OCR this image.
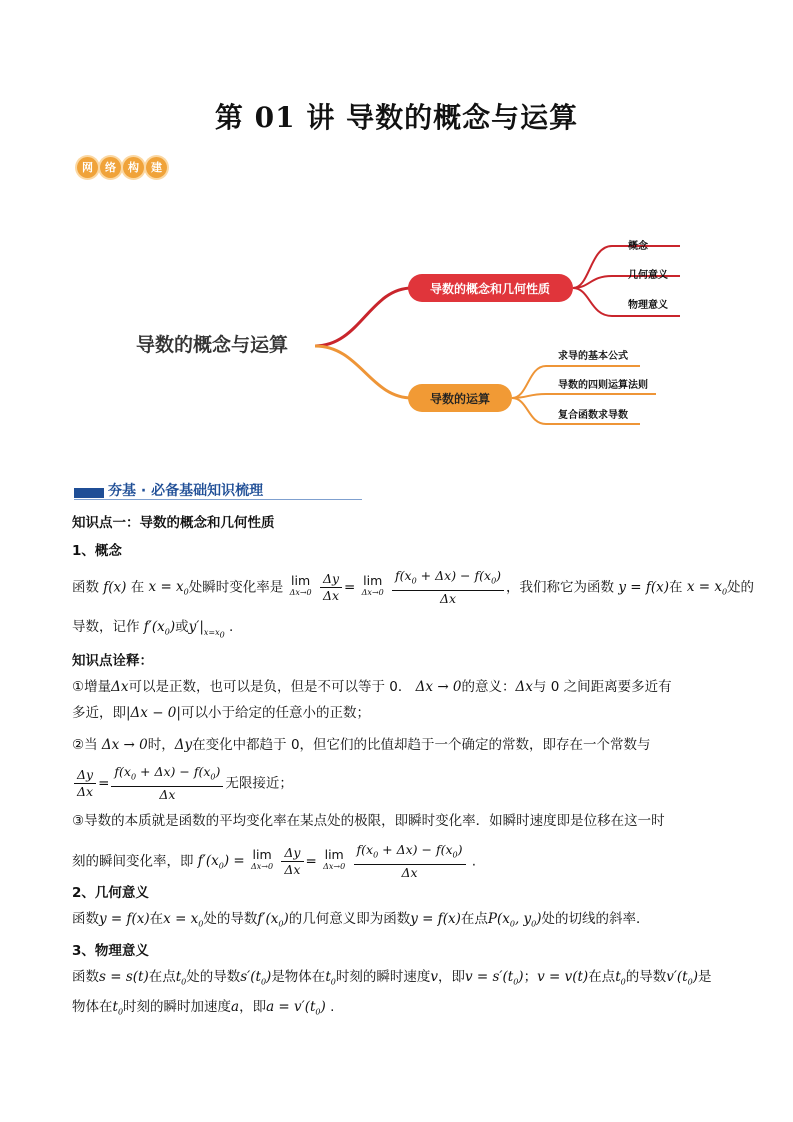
第 01 讲 导数的概念与运算
网	络	构	建
导数的概念和几何性质
概念
几何意义
物理意义
导数的运算
求导的基本公式
导数的四则运算法则
复合函数求导数
导数的概念与运算
夯基 · 必备基础知识梳理
知识点一：导数的概念和几何性质
1、概念
函数 f(x) 在 $x = x_0$处瞬时变化率是 lim
Δx→0
$\frac{\Delta y}{\Delta x} = \lim$
Δx→0
$\frac{f(x_0 + \Delta x) - f(x_0)}{\Delta x}$ ，我们称它为函数 y = f(x)在 $x = x_0$处的
导数，记作 $f'(x_0)$或$y'|_{x=x_0}$ .
知识点诠释：
①增量Δx可以是正数，也可以是负，但是不可以等于 0． Δx → 0的意义：Δx与 0 之间距离要多近有
多近，即|Δx − 0|可以小于给定的任意小的正数；
②当 Δx → 0时，Δy在变化中都趋于 0，但它们的比值却趋于一个确定的常数，即存在一个常数与
$\frac{\Delta y}{\Delta x} = \frac{f(x_0 + \Delta x) - f(x_0)}{\Delta x}$ 无限接近；
③导数的本质就是函数的平均变化率在某点处的极限，即瞬时变化率．如瞬时速度即是位移在这一时
刻的瞬间变化率，即 $f'(x_0) = \lim$
Δx→0
$\frac{\Delta y}{\Delta x} = \lim$
Δx→0
$\frac{f(x_0 + \Delta x) - f(x_0)}{\Delta x}$ .
2、几何意义
函数y = f(x)在$x = x_0$处的导数$f'(x_0)$的几何意义即为函数y = f(x)在点$P(x_0$, $y_0$)处的切线的斜率．
3、物理意义
函数s = s(t)在点$t_0$处的导数$s'(t_0)$是物体在$t_0$时刻的瞬时速度v，即$v = s'(t_0)$；v = v(t)在点$t_0$的导数$v'(t_0)$是
物体在$t_0$时刻的瞬时加速度a，即$a = v'(t_0)$ .
